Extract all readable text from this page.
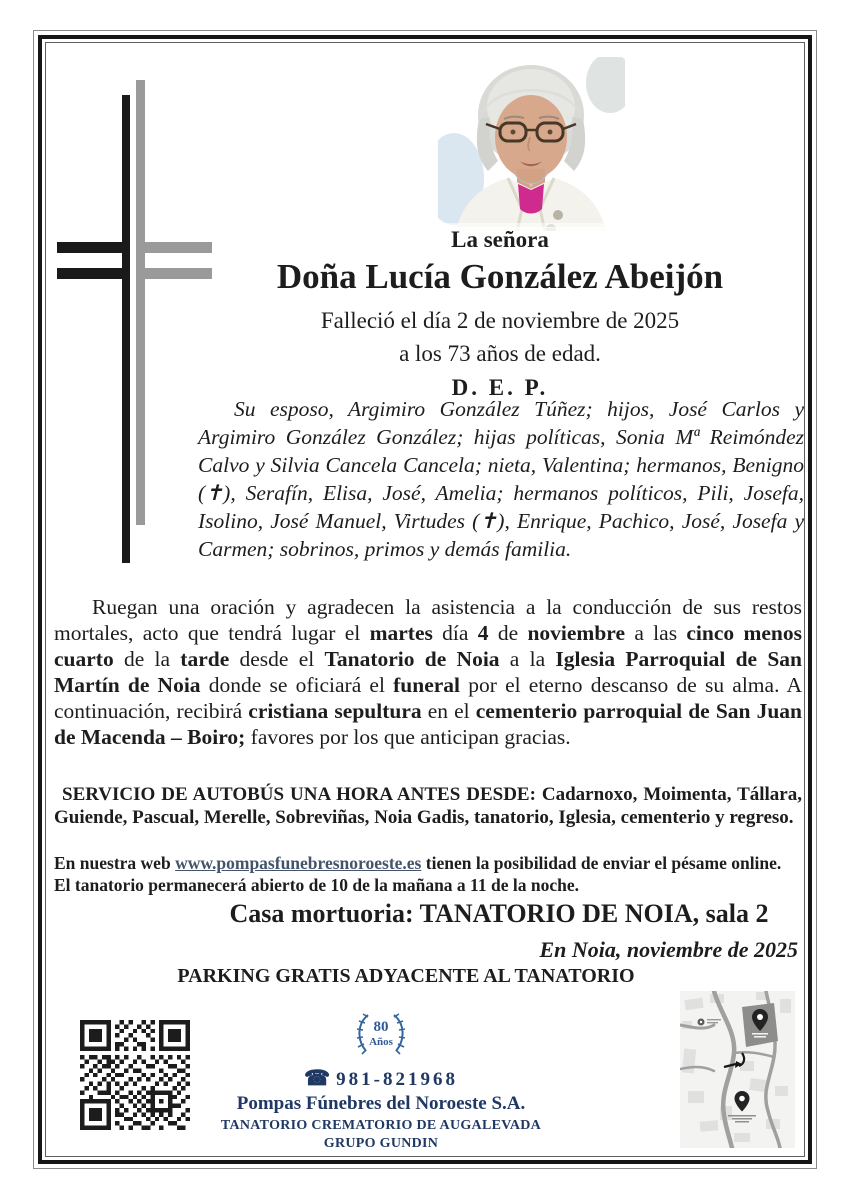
La señora
Doña Lucía González Abeijón
Falleció el día 2 de noviembre de 2025
a los 73 años de edad.
D. E. P.
Su esposo, Argimiro González Túñez; hijos, José Carlos y Argimiro González González; hijas políticas, Sonia Mª Reimóndez Calvo y Silvia Cancela Cancela; nieta, Valentina; hermanos, Benigno (✝), Serafín, Elisa, José, Amelia; hermanos políticos, Pili, Josefa, Isolino, José Manuel, Virtudes (✝), Enrique, Pachico, José, Josefa y Carmen; sobrinos, primos y demás familia.
Ruegan una oración y agradecen la asistencia a la conducción de sus restos mortales, acto que tendrá lugar el martes día 4 de noviembre a las cinco menos cuarto de la tarde desde el Tanatorio de Noia a la Iglesia Parroquial de San Martín de Noia donde se oficiará el funeral por el eterno descanso de su alma. A continuación, recibirá cristiana sepultura en el cementerio parroquial de San Juan de Macenda – Boiro; favores por los que anticipan gracias.
SERVICIO DE AUTOBÚS UNA HORA ANTES DESDE: Cadarnoxo, Moimenta, Tállara, Guiende, Pascual, Merelle, Sobreviñas, Noia Gadis, tanatorio, Iglesia, cementerio y regreso.
En nuestra web www.pompasfunebresnoroeste.es tienen la posibilidad de enviar el pésame online.
El tanatorio permanecerá abierto de 10 de la mañana a 11 de la noche.
Casa mortuoria: TANATORIO DE NOIA, sala 2
En Noia, noviembre de 2025
PARKING GRATIS ADYACENTE AL TANATORIO
80
Años
☎ 981-821968
Pompas Fúnebres del Noroeste S.A.
TANATORIO CREMATORIO DE AUGALEVADA
GRUPO GUNDIN
